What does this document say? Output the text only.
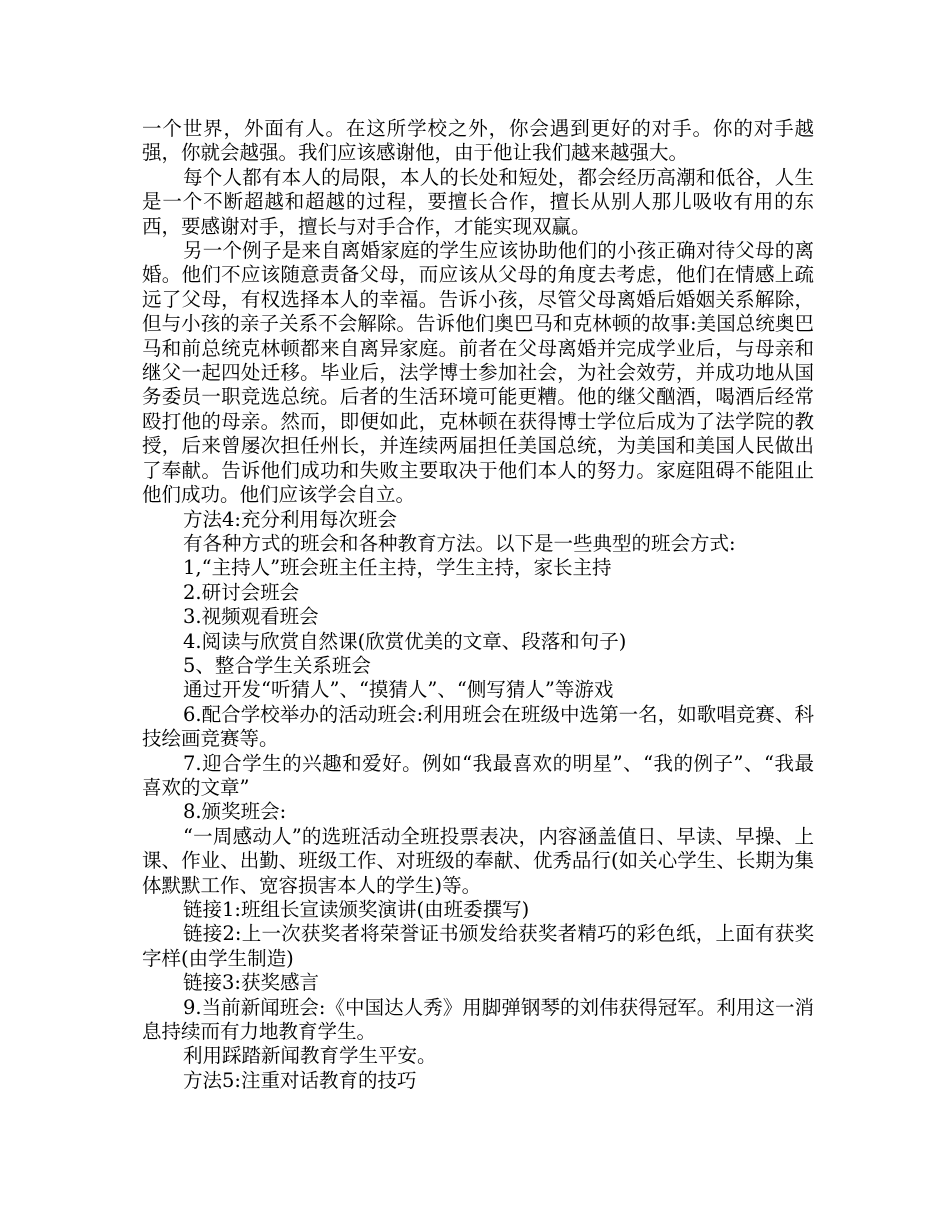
一个世界，外面有人。在这所学校之外，你会遇到更好的对手。你的对手越强，你就会越强。我们应该感谢他，由于他让我们越来越强大。

每个人都有本人的局限，本人的长处和短处，都会经历高潮和低谷，人生是一个不断超越和超越的过程，要擅长合作，擅长从别人那儿吸收有用的东西，要感谢对手，擅长与对手合作，才能实现双赢。

另一个例子是来自离婚家庭的学生应该协助他们的小孩正确对待父母的离婚。他们不应该随意责备父母，而应该从父母的角度去考虑，他们在情感上疏远了父母，有权选择本人的幸福。告诉小孩，尽管父母离婚后婚姻关系解除，但与小孩的亲子关系不会解除。告诉他们奥巴马和克林顿的故事:美国总统奥巴马和前总统克林顿都来自离异家庭。前者在父母离婚并完成学业后，与母亲和继父一起四处迁移。毕业后，法学博士参加社会，为社会效劳，并成功地从国务委员一职竞选总统。后者的生活环境可能更糟。他的继父酗酒，喝酒后经常殴打他的母亲。然而，即便如此，克林顿在获得博士学位后成为了法学院的教授，后来曾屡次担任州长，并连续两届担任美国总统，为美国和美国人民做出了奉献。告诉他们成功和失败主要取决于他们本人的努力。家庭阻碍不能阻止他们成功。他们应该学会自立。

方法4:充分利用每次班会

有各种方式的班会和各种教育方法。以下是一些典型的班会方式:

1,“主持人”班会班主任主持，学生主持，家长主持

2.研讨会班会

3.视频观看班会

4.阅读与欣赏自然课(欣赏优美的文章、段落和句子)

5、整合学生关系班会

通过开发“听猜人”、“摸猜人”、“侧写猜人”等游戏

6.配合学校举办的活动班会:利用班会在班级中选第一名，如歌唱竞赛、科技绘画竞赛等。

7.迎合学生的兴趣和爱好。例如“我最喜欢的明星”、“我的例子”、“我最喜欢的文章”

8.颁奖班会:

“一周感动人”的选班活动全班投票表决，内容涵盖值日、早读、早操、上课、作业、出勤、班级工作、对班级的奉献、优秀品行(如关心学生、长期为集体默默工作、宽容损害本人的学生)等。

链接1:班组长宣读颁奖演讲(由班委撰写)

链接2:上一次获奖者将荣誉证书颁发给获奖者精巧的彩色纸，上面有获奖字样(由学生制造)

链接3:获奖感言

9.当前新闻班会:《中国达人秀》用脚弹钢琴的刘伟获得冠军。利用这一消息持续而有力地教育学生。

利用踩踏新闻教育学生平安。

方法5:注重对话教育的技巧
